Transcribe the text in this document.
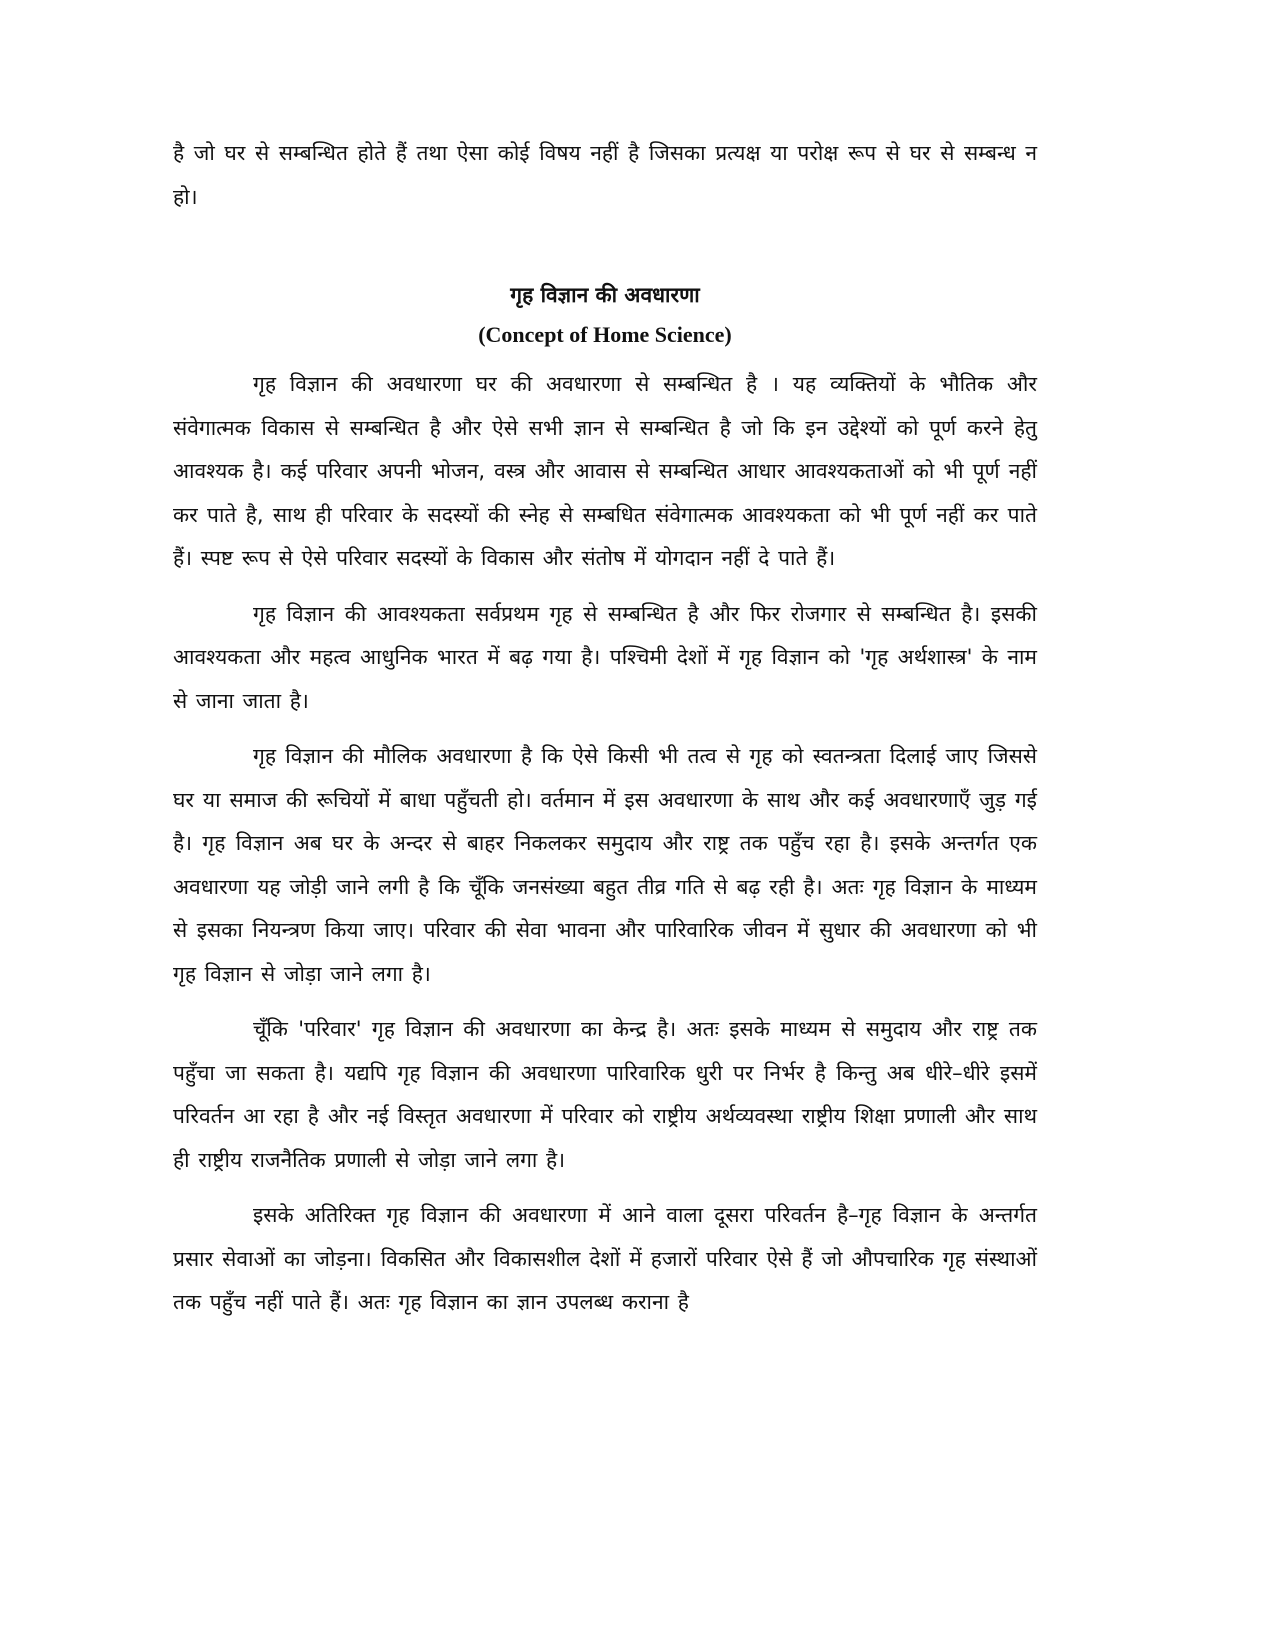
है जो घर से सम्बन्धित होते हैं तथा ऐसा कोई विषय नहीं है जिसका प्रत्यक्ष या परोक्ष रूप से घर से सम्बन्ध न हो।

गृह विज्ञान की अवधारणा
(Concept of Home Science)

गृह विज्ञान की अवधारणा घर की अवधारणा से सम्बन्धित है । यह व्यक्तियों के भौतिक और संवेगात्मक विकास से सम्बन्धित है और ऐसे सभी ज्ञान से सम्बन्धित है जो कि इन उद्देश्यों को पूर्ण करने हेतु आवश्यक है। कई परिवार अपनी भोजन, वस्त्र और आवास से सम्बन्धित आधार आवश्यकताओं को भी पूर्ण नहीं कर पाते है, साथ ही परिवार के सदस्यों की स्नेह से सम्बधित संवेगात्मक आवश्यकता को भी पूर्ण नहीं कर पाते हैं। स्पष्ट रूप से ऐसे परिवार सदस्यों के विकास और संतोष में योगदान नहीं दे पाते हैं।

गृह विज्ञान की आवश्यकता सर्वप्रथम गृह से सम्बन्धित है और फिर रोजगार से सम्बन्धित है। इसकी आवश्यकता और महत्व आधुनिक भारत में बढ़ गया है। पश्चिमी देशों में गृह विज्ञान को 'गृह अर्थशास्त्र' के नाम से जाना जाता है।

गृह विज्ञान की मौलिक अवधारणा है कि ऐसे किसी भी तत्व से गृह को स्वतन्त्रता दिलाई जाए जिससे घर या समाज की रूचियों में बाधा पहुँचती हो। वर्तमान में इस अवधारणा के साथ और कई अवधारणाएँ जुड़ गई है। गृह विज्ञान अब घर के अन्दर से बाहर निकलकर समुदाय और राष्ट्र तक पहुँच रहा है। इसके अन्तर्गत एक अवधारणा यह जोड़ी जाने लगी है कि चूँकि जनसंख्या बहुत तीव्र गति से बढ़ रही है। अतः गृह विज्ञान के माध्यम से इसका नियन्त्रण किया जाए। परिवार की सेवा भावना और पारिवारिक जीवन में सुधार की अवधारणा को भी गृह विज्ञान से जोड़ा जाने लगा है।

चूँकि 'परिवार' गृह विज्ञान की अवधारणा का केन्द्र है। अतः इसके माध्यम से समुदाय और राष्ट्र तक पहुँचा जा सकता है। यद्यपि गृह विज्ञान की अवधारणा पारिवारिक धुरी पर निर्भर है किन्तु अब धीरे–धीरे इसमें परिवर्तन आ रहा है और नई विस्तृत अवधारणा में परिवार को राष्ट्रीय अर्थव्यवस्था राष्ट्रीय शिक्षा प्रणाली और साथ ही राष्ट्रीय राजनैतिक प्रणाली से जोड़ा जाने लगा है।

इसके अतिरिक्त गृह विज्ञान की अवधारणा में आने वाला दूसरा परिवर्तन है–गृह विज्ञान के अन्तर्गत प्रसार सेवाओं का जोड़ना। विकसित और विकासशील देशों में हजारों परिवार ऐसे हैं जो औपचारिक गृह संस्थाओं तक पहुँच नहीं पाते हैं। अतः गृह विज्ञान का ज्ञान उपलब्ध कराना है
